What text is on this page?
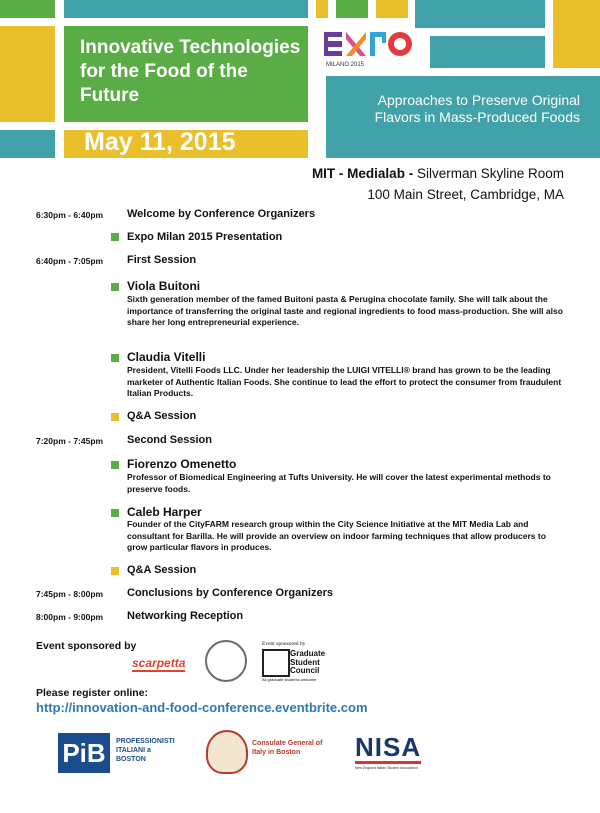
Innovative Technologies for the Food of the Future
May 11, 2015
Approaches to Preserve Original Flavors in Mass-Produced Foods
MILANO 2015
MIT - Medialab - Silverman Skyline Room
100 Main Street, Cambridge, MA
6:30pm - 6:40pm Welcome by Conference Organizers
Expo Milan 2015 Presentation
6:40pm - 7:05pm First Session
Viola Buitoni
Sixth generation member of the famed Buitoni pasta & Perugina chocolate family. She will talk about the importance of transferring the original taste and regional ingredients to food mass-production. She will also share her long entrepreneurial experience.
Claudia Vitelli
President, Vitelli Foods LLC. Under her leadership the LUIGI VITELLI® brand has grown to be the leading marketer of Authentic Italian Foods. She continue to lead the effort to protect the consumer from fraudulent Italian Products.
Q&A Session
7:20pm - 7:45pm Second Session
Fiorenzo Omenetto
Professor of Biomedical Engineering at Tufts University. He will cover the latest experimental methods to preserve foods.
Caleb Harper
Founder of the CityFARM research group within the City Science Initiative at the MIT Media Lab and consultant for Barilla. He will provide an overview on indoor farming techniques that allow producers to grow particular flavors in produces.
Q&A Session
7:45pm - 8:00pm Conclusions by Conference Organizers
8:00pm - 9:00pm Networking Reception
Event sponsored by
scarpetta
Event sponsored by
Graduate Student Council
All graduate students welcome
Please register online:
http://innovation-and-food-conference.eventbrite.com
PiB	PROFESSIONISTI ITALIANI a BOSTON
Consulate General of Italy in Boston	NISA
New England Italian Student Association
